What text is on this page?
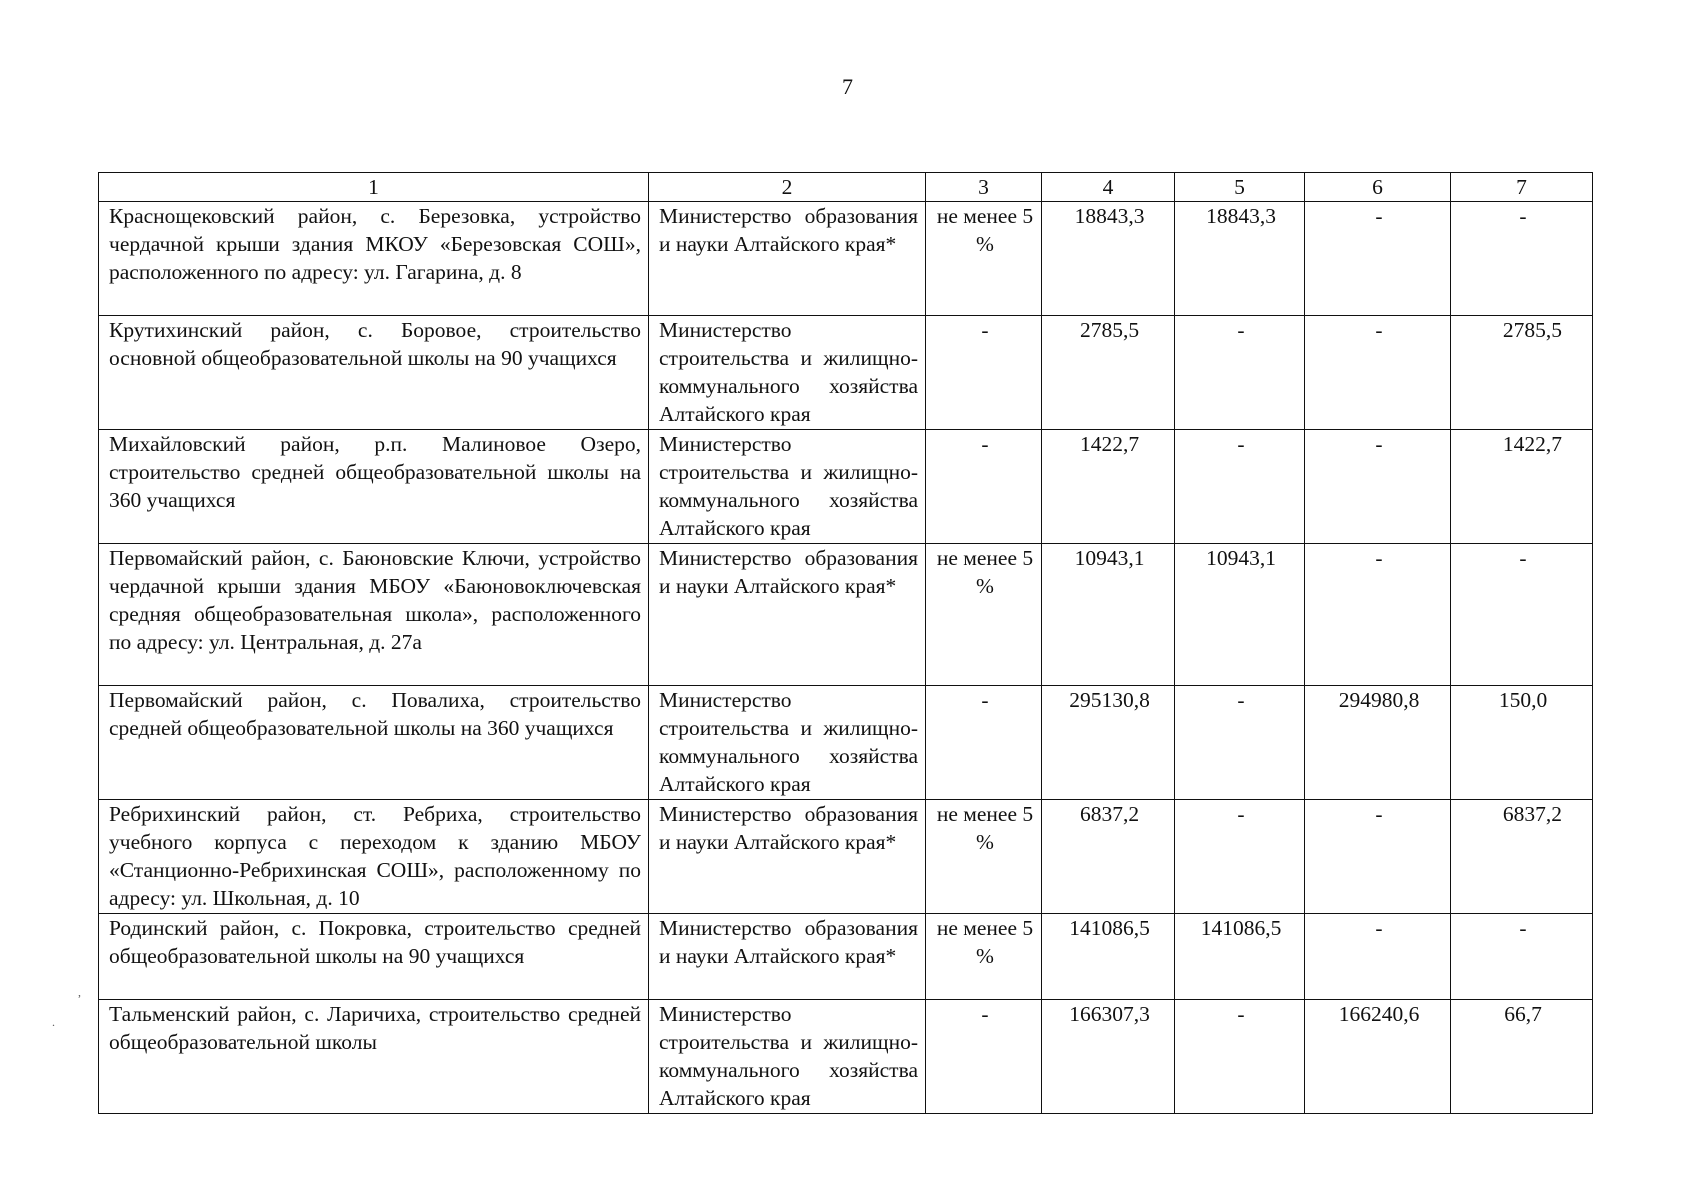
7
,
.
1	2	3	4	5	6	7
Краснощековский район, с. Березовка, устройство чердачной крыши здания МКОУ «Березовская СОШ», расположенного по адресу: ул. Гагарина, д. 8	Министерство образования и науки Алтайского края*	не менее 5 %	18843,3	18843,3	-	-
Крутихинский район, с. Боровое, строительство основной общеобразовательной школы на 90 учащихся	Министерство строительства и жилищно-коммунального хозяйства Алтайского края	-	2785,5	-	-	2785,5
Михайловский район, р.п. Малиновое Озеро, строительство средней общеобразовательной школы на 360 учащихся	Министерство строительства и жилищно-коммунального хозяйства Алтайского края	-	1422,7	-	-	1422,7
Первомайский район, с. Баюновские Ключи, устройство чердачной крыши здания МБОУ «Баюновоключевская средняя общеобразовательная школа», расположенного по адресу: ул. Центральная, д. 27а	Министерство образования и науки Алтайского края*	не менее 5 %	10943,1	10943,1	-	-
Первомайский район, с. Повалиха, строительство средней общеобразовательной школы на 360 учащихся	Министерство строительства и жилищно-коммунального хозяйства Алтайского края	-	295130,8	-	294980,8	150,0
Ребрихинский район, ст. Ребриха, строительство учебного корпуса с переходом к зданию МБОУ «Станционно-Ребрихинская СОШ», расположенному по адресу: ул. Школьная, д. 10	Министерство образования и науки Алтайского края*	не менее 5 %	6837,2	-	-	6837,2
Родинский район, с. Покровка, строительство средней общеобразовательной школы на 90 учащихся	Министерство образования и науки Алтайского края*	не менее 5 %	141086,5	141086,5	-	-
Тальменский район, с. Ларичиха, строительство средней общеобразовательной школы	Министерство строительства и жилищно-коммунального хозяйства Алтайского края	-	166307,3	-	166240,6	66,7
